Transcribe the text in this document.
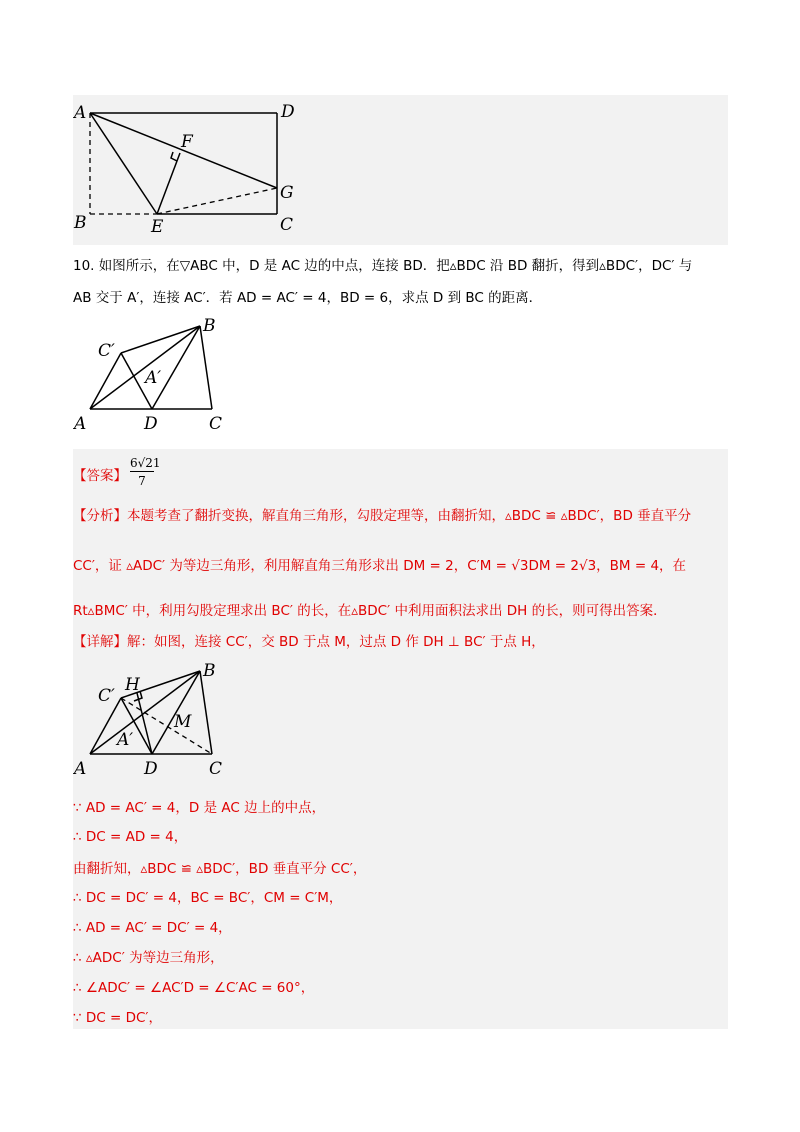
A	D
F
G
B	E	C
10. 如图所示，在▽ABC 中，D 是 AC 边的中点，连接 BD．把▵BDC 沿 BD 翻折，得到▵BDC′，DC′ 与
AB 交于 A′，连接 AC′．若 AD = AC′ = 4，BD = 6，求点 D 到 BC 的距离．
B
C′
A′
A	D	C
【答案】 $\frac{6√21}{7}$
【分析】本题考查了翻折变换，解直角三角形，勾股定理等，由翻折知，▵BDC ≌ ▵BDC′，BD 垂直平分
CC′，证 ▵ADC′ 为等边三角形，利用解直角三角形求出 DM = 2，C′M = √3DM = 2√3，BM = 4，在
Rt▵BMC′ 中，利用勾股定理求出 BC′ 的长，在▵BDC′ 中利用面积法求出 DH 的长，则可得出答案．
【详解】解：如图，连接 CC′，交 BD 于点 M，过点 D 作 DH ⊥ BC′ 于点 H，
B
H
C′
M
A′
A	D	C
∵ AD = AC′ = 4，D 是 AC 边上的中点，
∴ DC = AD = 4，
由翻折知，▵BDC ≌ ▵BDC′，BD 垂直平分 CC′，
∴ DC = DC′ = 4，BC = BC′，CM = C′M，
∴ AD = AC′ = DC′ = 4，
∴ ▵ADC′ 为等边三角形，
∴ ∠ADC′ = ∠AC′D = ∠C′AC = 60°，
∵ DC = DC′，
